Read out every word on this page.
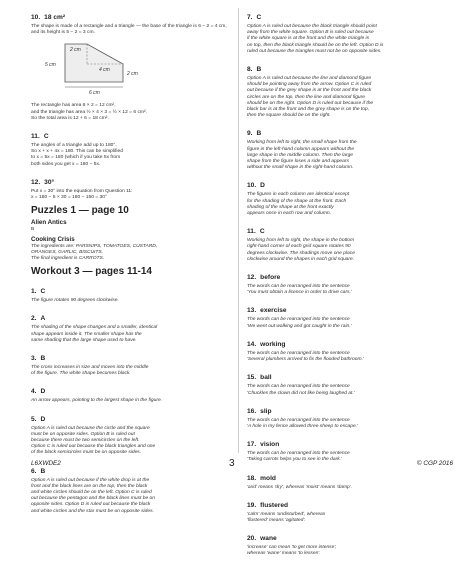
10. 18 cm²

The shape is made of a rectangle and a triangle — the base of the triangle is 6 − 2 = 4 cm, and its height is 5 − 2 = 3 cm.

2 cm
5 cm
4 cm
2 cm
6 cm

The rectangle has area 6 × 2 = 12 cm²,

and the triangle has area ½ × 4 × 3 = ½ × 12 = 6 cm².

So the total area is 12 + 6 = 18 cm².

11. C

The angles of a triangle add up to 180°.

So x + x + 4x = 180. This can be simplified

to x = 5x = 180 (which if you take 5x from

both sides you get x = 180 − 5x.

12. 30°

Put x = 30° into the equation from Question 11:

x = 180 − 5 × 30 = 180 − 150 = 30°

Puzzles 1 — page 10
Alien Antics

B

Cooking Crisis

The ingredients are: PARSNIPS, TOMATOES, CUSTARD,

ORANGES, GARLIC, BISCUITS.

The final ingredient is CARROTS.

Workout 3 — pages 11-14
1. C

The figure rotates 90 degrees clockwise.

2. A

The shading of the shape changes and a smaller, identical

shape appears inside it. The smaller shape has the

same shading that the large shape used to have.

3. B

The cross increases in size and moves into the middle

of the figure. The white shape becomes black.

4. D

An arrow appears, pointing to the largest shape in the figure.

5. D

Option A is ruled out because the circle and the square

must be on opposite sides. Option B is ruled out

because there must be two semicircles on the left.

Option C is ruled out because the black triangles and one

of the black semicircles must be on opposite sides.

6. B

Option A is ruled out because if the white drop is at the

front and the black lines are on the top, then the black

and white circles should be on the left. Option C is ruled

out because the pentagon and the black lines must be on

opposite sides. Option D is ruled out because the black

and white circles and the star must be on opposite sides.

7. C

Option A is ruled out because the black triangle should point

away from the white square. Option B is ruled out because

if the white square is at the front and the white triangle is

on top, then the black triangle should be on the left. Option D is

ruled out because the triangles must not be on opposite sides.

8. B

Option A is ruled out because the line and diamond figure

should be pointing away from the arrow. Option C is ruled

out because if the grey shape is at the front and the black

circles are on the top, then the line and diamond figure

should be on the right. Option D is ruled out because if the

black bar is at the front and the grey shape is on the top,

then the square should be on the right.

9. B

Working from left to right, the small shape from the

figure in the left-hand column appears without the

large shape in the middle column. Then the large

shape from the figure loses a side and appears

without the small shape in the right-hand column.

10. D

The figures in each column are identical except

for the shading of the shape at the front. Each

shading of the shape at the front exactly

appears once in each row and column.

11. C

Working from left to right, the shape in the bottom

right-hand corner of each grid square rotates 90

degrees clockwise. The shadings move one place

clockwise around the shapes in each grid square.

12. before

The words can be rearranged into the sentence

'You must obtain a licence in order to drive cars.'

13. exercise

The words can be rearranged into the sentence

'We went out walking and got caught in the rain.'

14. working

The words can be rearranged into the sentence

'Several plumbers arrived to fix the flooded bathroom.'

15. ball

The words can be rearranged into the sentence

'Chuckles the clown did not like being laughed at.'

16. slip

The words can be rearranged into the sentence

'A hole in my fence allowed three sheep to escape.'

17. vision

The words can be rearranged into the sentence

'Taking carrots helps you to see in the dark.'

18. mold

'arid' means 'dry', whereas 'moist' means 'damp'.

19. flustered

'calm' means 'undisturbed', whereas

'flustered' means 'agitated'.

20. wane

'increase' can mean 'to get more intense',

whereas 'wane' means 'to lessen'.

L6XWDE2	3	© CGP 2016
